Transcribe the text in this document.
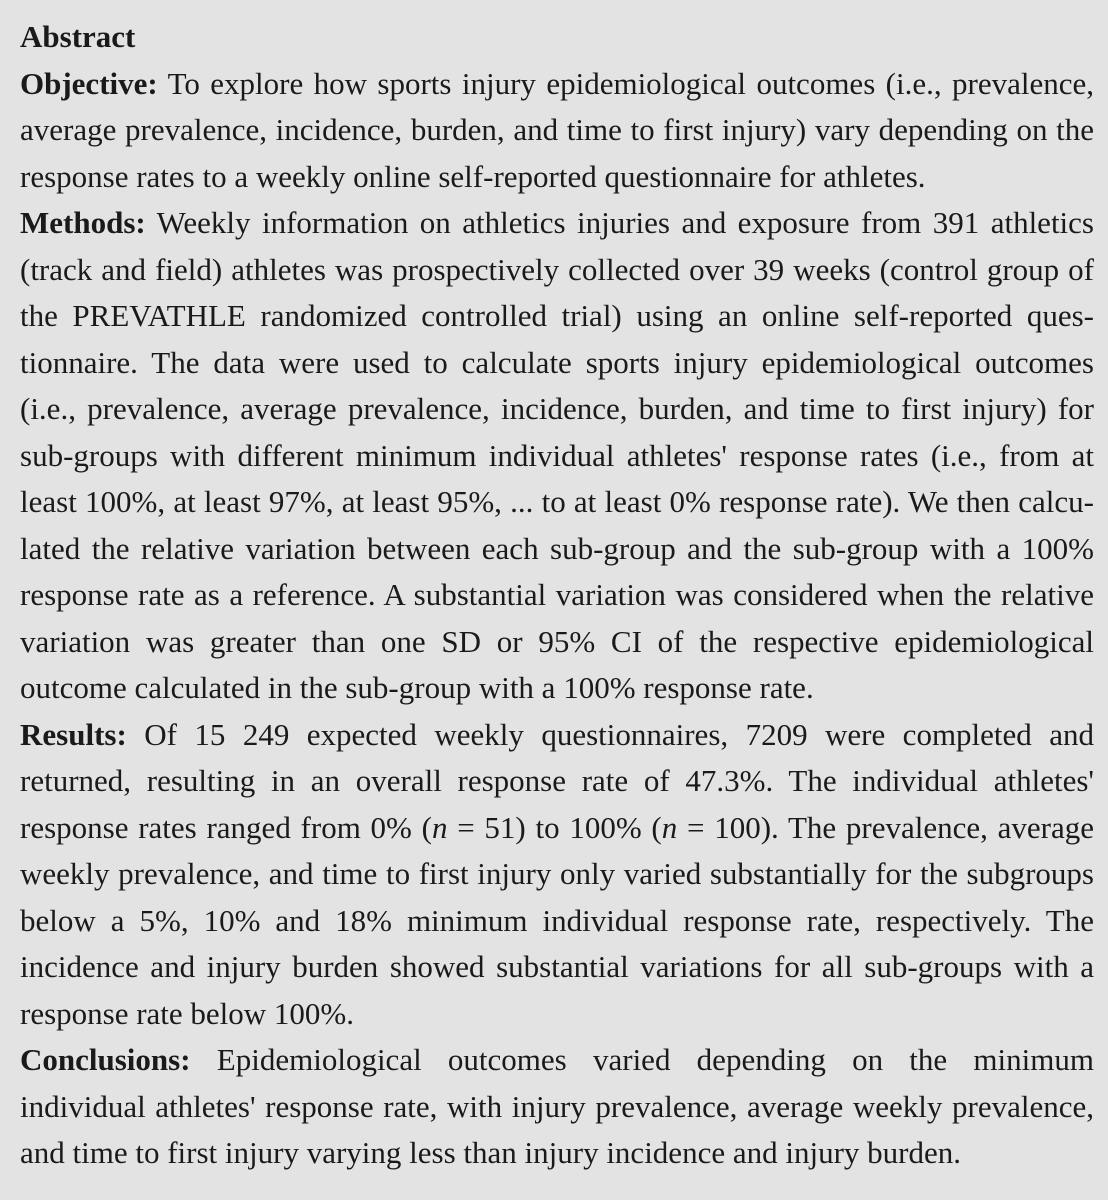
Abstract

Objective: To explore how sports injury epidemiological outcomes (i.e., prevalence, average prevalence, incidence, burden, and time to first injury) vary depending on the response rates to a weekly online self-reported questionnaire for athletes.

Methods: Weekly information on athletics injuries and exposure from 391 athletics (track and field) athletes was prospectively collected over 39 weeks (control group of the PREVATHLE randomized controlled trial) using an online self-reported questionnaire. The data were used to calculate sports injury epidemiological outcomes (i.e., prevalence, average prevalence, incidence, burden, and time to first injury) for sub-groups with different minimum individual athletes' response rates (i.e., from at least 100%, at least 97%, at least 95%, ... to at least 0% response rate). We then calculated the relative variation between each sub-group and the sub-group with a 100% response rate as a reference. A substantial variation was considered when the relative variation was greater than one SD or 95% CI of the respective epidemiological outcome calculated in the sub-group with a 100% response rate.

Results: Of 15 249 expected weekly questionnaires, 7209 were completed and returned, resulting in an overall response rate of 47.3%. The individual athletes' response rates ranged from 0% (n = 51) to 100% (n = 100). The prevalence, average weekly prevalence, and time to first injury only varied substantially for the subgroups below a 5%, 10% and 18% minimum individual response rate, respectively. The incidence and injury burden showed substantial variations for all sub-groups with a response rate below 100%.

Conclusions: Epidemiological outcomes varied depending on the minimum individual athletes' response rate, with injury prevalence, average weekly prevalence, and time to first injury varying less than injury incidence and injury burden.
